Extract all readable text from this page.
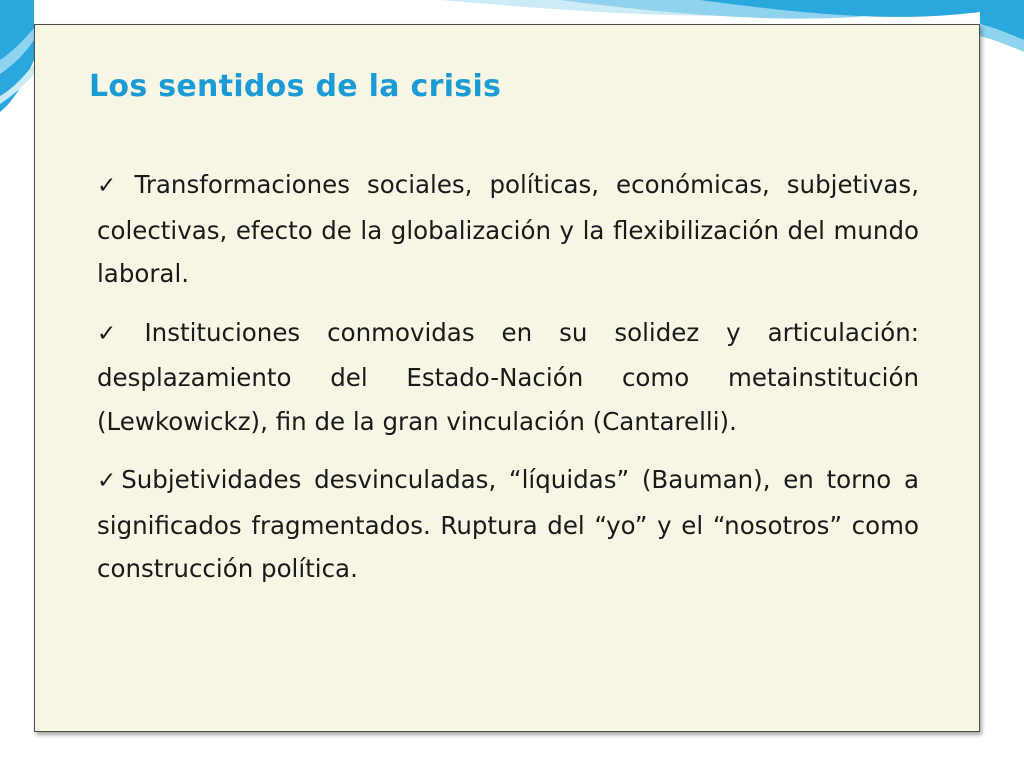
Los sentidos de la crisis
✓ Transformaciones sociales, políticas, económicas, subjetivas, colectivas, efecto de la globalización y la flexibilización del mundo laboral.
✓ Instituciones conmovidas en su solidez y articulación: desplazamiento del Estado-Nación como metainstitución (Lewkowickz), fin de la gran vinculación (Cantarelli).
✓Subjetividades desvinculadas, “líquidas” (Bauman), en torno a significados fragmentados. Ruptura del “yo” y el “nosotros” como construcción política.
